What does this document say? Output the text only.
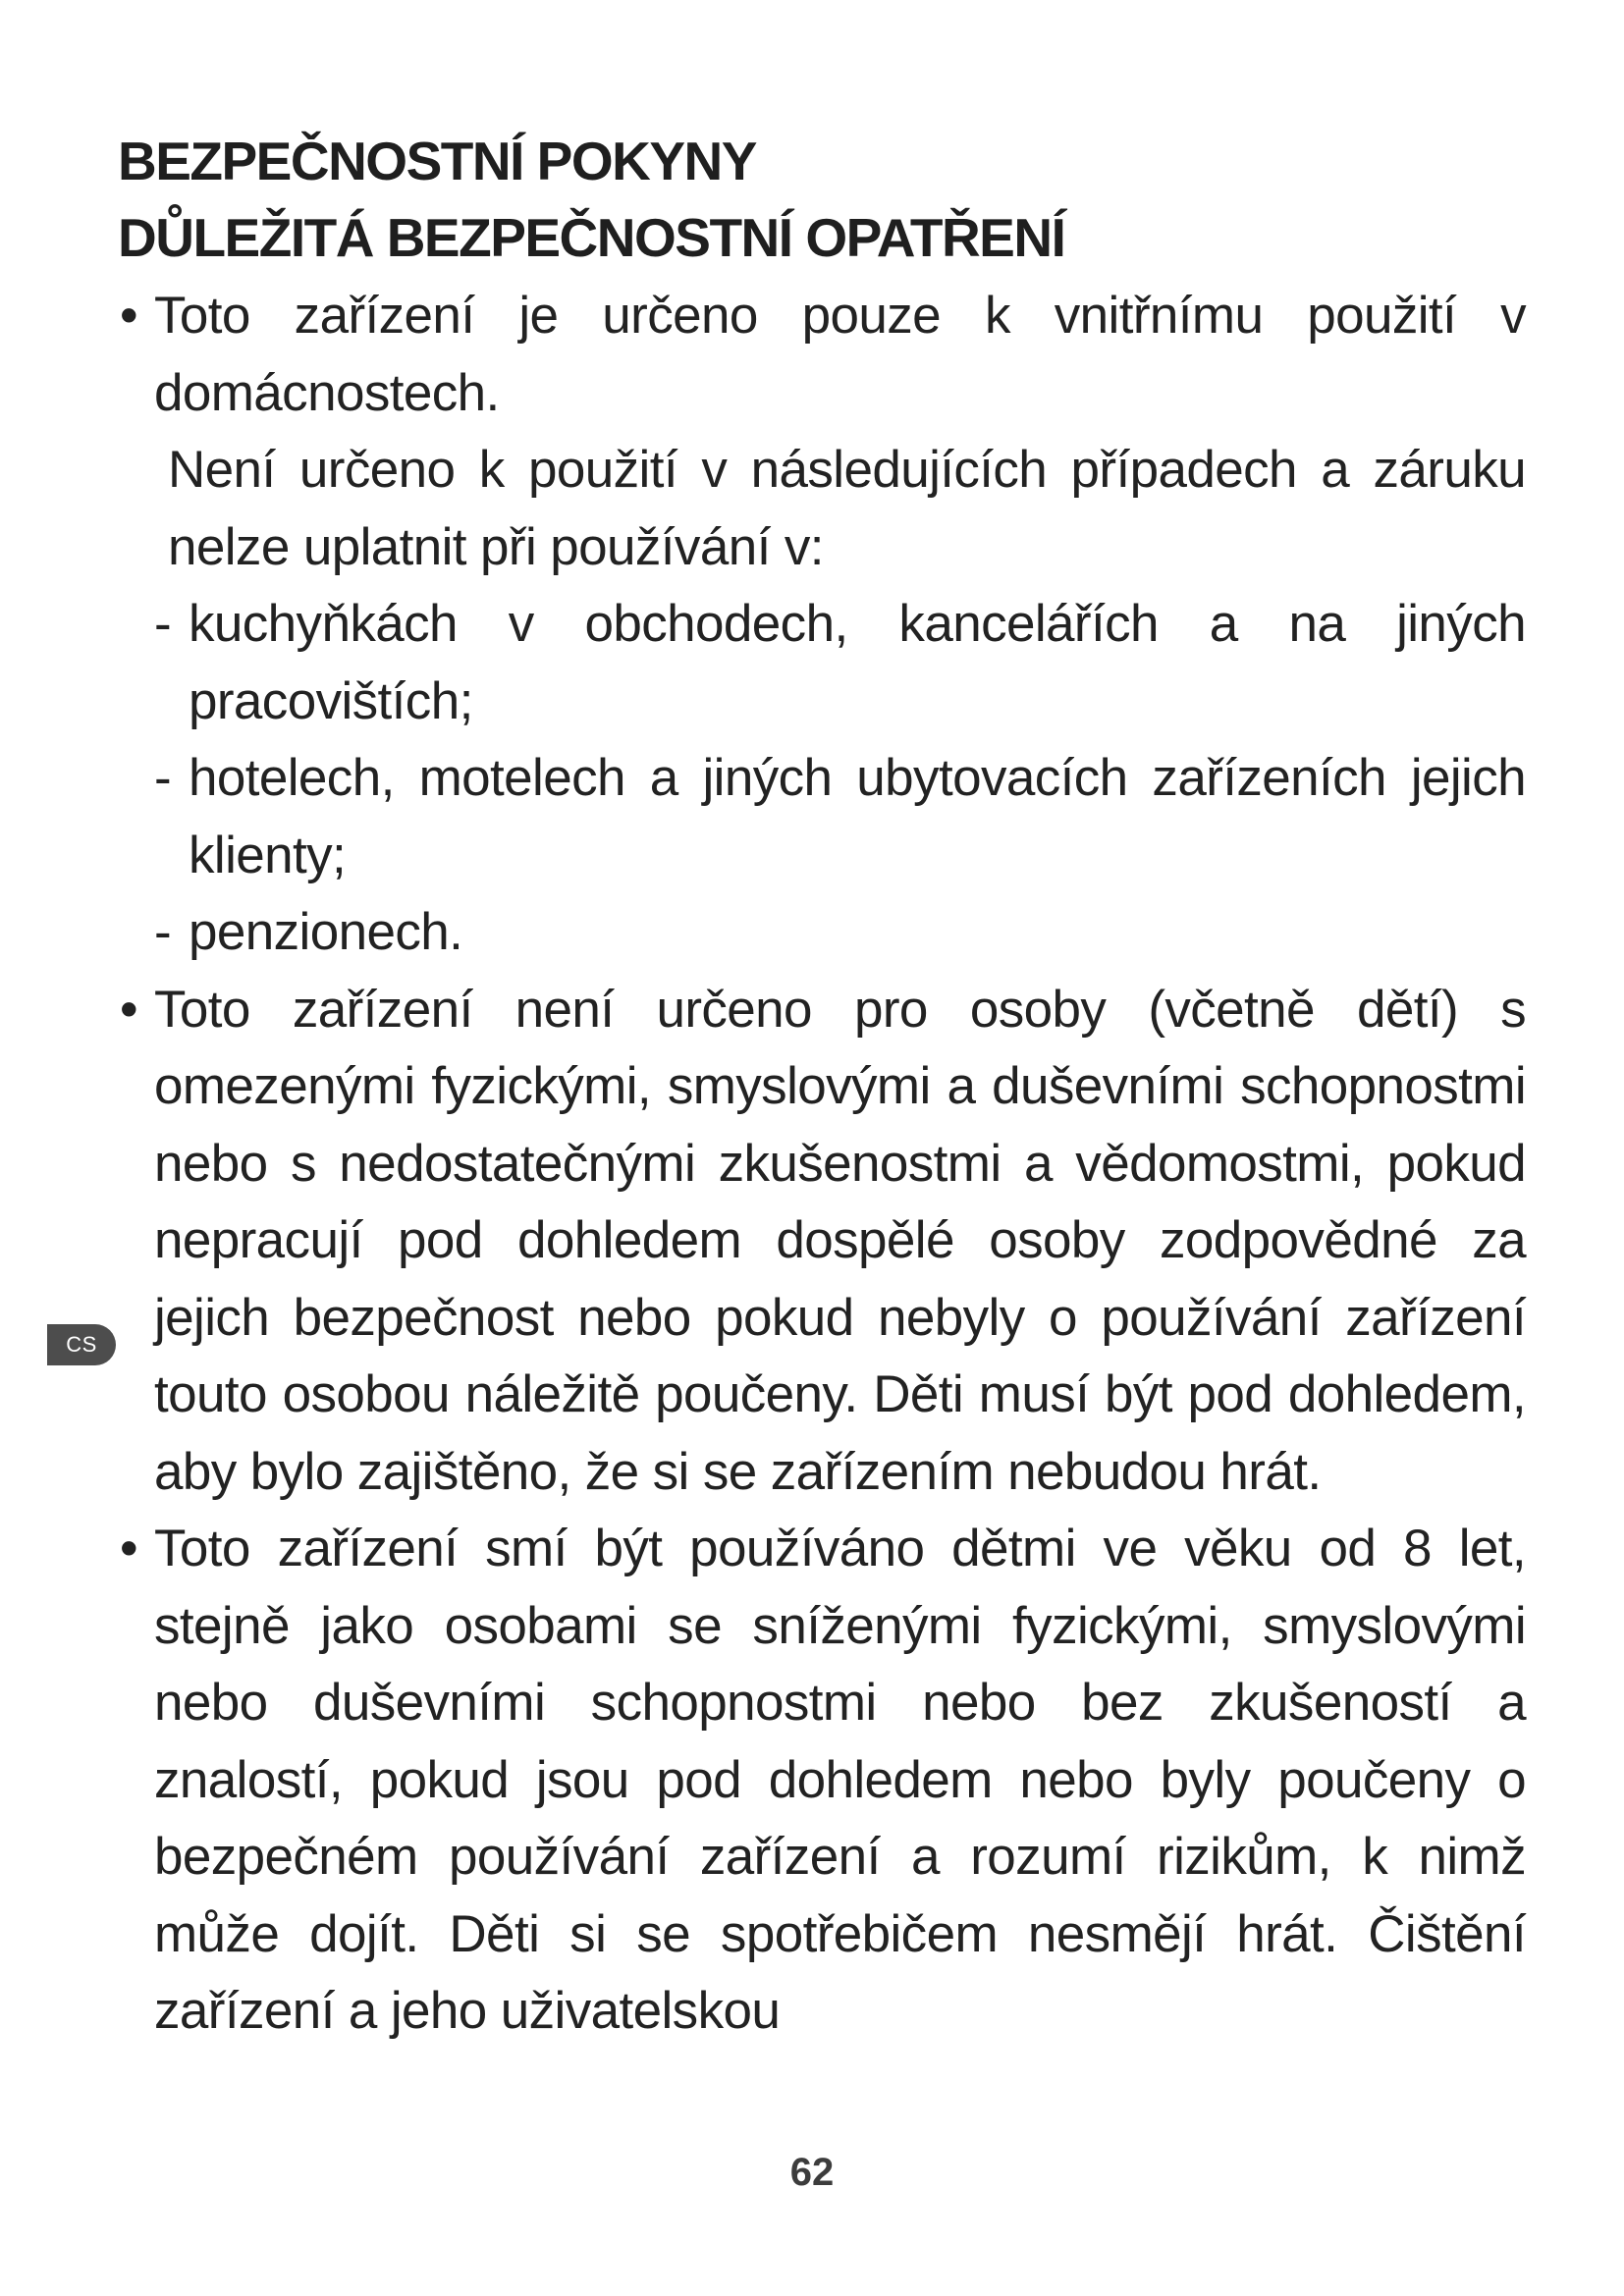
BEZPEČNOSTNÍ POKYNY
DŮLEŽITÁ BEZPEČNOSTNÍ OPATŘENÍ
• Toto zařízení je určeno pouze k vnitřnímu použití v domácnostech.
Není určeno k použití v následujících případech a záruku nelze uplatnit při používání v:
- kuchyňkách v obchodech, kancelářích a na jiných pracovištích;
- hotelech, motelech a jiných ubytovacích zařízeních jejich klienty;
- penzionech.
• Toto zařízení není určeno pro osoby (včetně dětí) s omezenými fyzickými, smyslovými a duševními schopnostmi nebo s nedostatečnými zkušenostmi a vědomostmi, pokud nepracují pod dohledem dospělé osoby zodpovědné za jejich bezpečnost nebo pokud nebyly o používání zařízení touto osobou náležitě poučeny. Děti musí být pod dohledem, aby bylo zajištěno, že si se zařízením nebudou hrát.
• Toto zařízení smí být používáno dětmi ve věku od 8 let, stejně jako osobami se sníženými fyzickými, smyslovými nebo duševními schopnostmi nebo bez zkušeností a znalostí, pokud jsou pod dohledem nebo byly poučeny o bezpečném používání zařízení a rozumí rizikům, k nimž může dojít. Děti si se spotřebičem nesmějí hrát. Čištění zařízení a jeho uživatelskou
CS
62
